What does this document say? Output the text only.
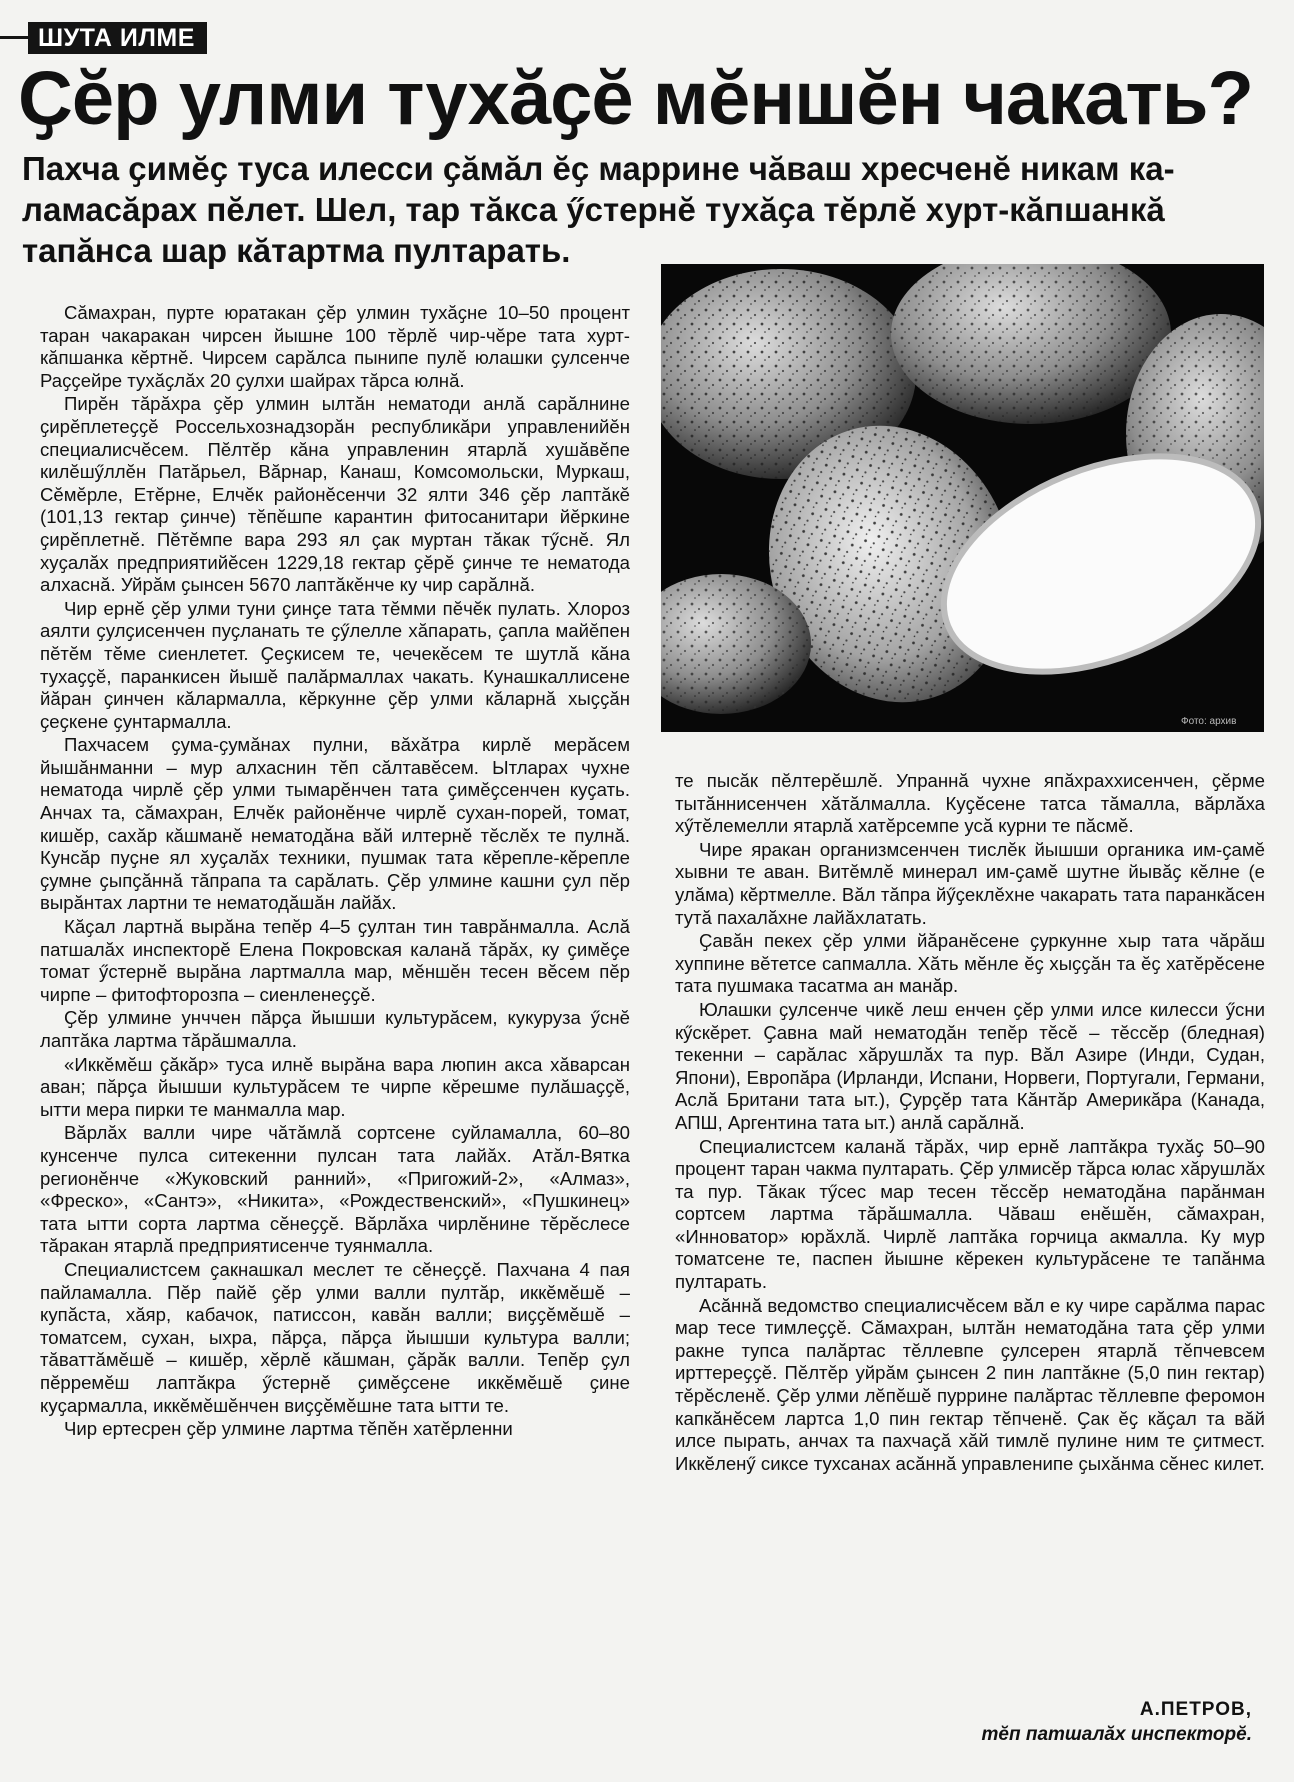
ШУТА ИЛМЕ
Ҫӗр улми тухӑҫӗ мӗншӗн чакать?
Пахча ҫимӗҫ туса илесси ҫӑмӑл ӗҫ маррине чӑваш хресченӗ никам ка-
ламасӑрах пӗлет. Шел, тар тӑкса ӳстернӗ тухӑҫа тӗрлӗ хурт-кӑпшанкӑ
тапӑнса шар кӑтартма пултарать.
Фото: архив

Сӑмахран, пурте юратакан ҫӗр улмин тухӑҫне 10–50 процент таран чакаракан чирсен йышне 100 тӗрлӗ чир-чӗре тата хурт-кӑпшанка кӗртнӗ. Чирсем сарӑлса пынипе пулӗ юлашки ҫулсенче Раҫҫейре тухӑҫлӑх 20 ҫулхи шайрах тӑрса юлнӑ.

Пирӗн тӑрӑхра ҫӗр улмин ылтӑн нематоди анлӑ сарӑлнине ҫирӗплетеҫҫӗ Россельхознадзорӑн республикӑри управленийӗн специалисчӗсем. Пӗлтӗр кӑна управленин ятарлӑ хушӑвӗпе килӗшӳллӗн Патӑрьел, Вӑрнар, Канаш, Комсомольски, Муркаш, Сӗмӗрле, Етӗрне, Елчӗк районӗсенчи 32 ялти 346 ҫӗр лаптӑкӗ (101,13 гектар ҫинче) тӗпӗшпе карантин фитосанитари йӗркине ҫирӗплетнӗ. Пӗтӗмпе вара 293 ял ҫак муртан тӑкак тӳснӗ. Ял хуҫалӑх предприятийӗсен 1229,18 гектар ҫӗрӗ ҫинче те нематода алхаснӑ. Уйрӑм ҫынсен 5670 лаптӑкӗнче ку чир сарӑлнӑ.

Чир ернӗ ҫӗр улми туни ҫинҫе тата тӗмми пӗчӗк пулать. Хлороз аялти ҫулҫисенчен пуҫланать те ҫӳлелле хӑпарать, ҫапла майӗпен пӗтӗм тӗме сиенлетет. Ҫеҫкисем те, чечекӗсем те шутлӑ кӑна тухаҫҫӗ, паранкисен йышӗ палӑрмаллах чакать. Кунашкаллисене йӑран ҫинчен кӑлармалла, кӗркунне ҫӗр улми кӑларнӑ хыҫҫӑн ҫеҫкене ҫунтармалла.

Пахчасем ҫума-ҫумӑнах пулни, вӑхӑтра кирлӗ мерӑсем йышӑнманни – мур алхаснин тӗп сӑлтавӗсем. Ытларах чухне нематода чирлӗ ҫӗр улми тымарӗнчен тата ҫимӗҫсенчен куҫать. Анчах та, сӑмахран, Елчӗк районӗнче чирлӗ сухан-порей, томат, кишӗр, сахӑр кӑшманӗ нематодӑна вӑй илтернӗ тӗслӗх те пулнӑ. Кунсӑр пуҫне ял хуҫалӑх техники, пушмак тата кӗрепле-кӗрепле ҫумне ҫыпҫӑннӑ тӑпрапа та сарӑлать. Ҫӗр улмине кашни ҫул пӗр вырӑнтах лартни те нематодӑшӑн лайӑх.

Кӑҫал лартнӑ вырӑна тепӗр 4–5 ҫултан тин таврӑнмалла. Аслӑ патшалӑх инспекторӗ Елена Покровская каланӑ тӑрӑх, ку ҫимӗҫе томат ӳстернӗ вырӑна лартмалла мар, мӗншӗн тесен вӗсем пӗр чирпе – фитофторозпа – сиенленеҫҫӗ.

Ҫӗр улмине унччен пӑрҫа йышши культурӑсем, кукуруза ӳснӗ лаптӑка лартма тӑрӑшмалла.

«Иккӗмӗш ҫӑкӑр» туса илнӗ вырӑна вара люпин акса хӑварсан аван; пӑрҫа йышши культурӑсем те чирпе кӗрешме пулӑшаҫҫӗ, ытти мера пирки те манмалла мар.

Вӑрлӑх валли чире чӑтӑмлӑ сортсене суйламалла, 60–80 кунсенче пулса ситекенни пулсан тата лайӑх. Атӑл-Вятка регионӗнче «Жуковский ранний», «Пригожий-2», «Алмаз», «Фреско», «Сантэ», «Никита», «Рождественский», «Пушкинец» тата ытти сорта лартма сӗнеҫҫӗ. Вӑрлӑха чирлӗнине тӗрӗслесе тӑракан ятарлӑ предприятисенче туянмалла.

Специалистсем ҫакнашкал меслет те сӗнеҫҫӗ. Пахчана 4 пая пайламалла. Пӗр пайӗ ҫӗр улми валли пултӑр, иккӗмӗшӗ – купӑста, хӑяр, кабачок, патиссон, кавӑн валли; виҫҫӗмӗшӗ – томатсем, сухан, ыхра, пӑрҫа, пӑрҫа йышши культура валли; тӑваттӑмӗшӗ – кишӗр, хӗрлӗ кӑшман, ҫӑрӑк валли. Тепӗр ҫул пӗрремӗш лаптӑкра ӳстернӗ ҫимӗҫсене иккӗмӗшӗ ҫине куҫармалла, иккӗмӗшӗнчен виҫҫӗмӗшне тата ытти те.

Чир ертесрен ҫӗр улмине лартма тӗпӗн хатӗрленни

те пысӑк пӗлтерӗшлӗ. Упраннӑ чухне япӑхраххисенчен, ҫӗрме тытӑннисенчен хӑтӑлмалла. Куҫӗсене татса тӑмалла, вӑрлӑха хӳтӗлемелли ятарлӑ хатӗрсемпе усӑ курни те пӑсмӗ.

Чире яракан организмсенчен тислӗк йышши органика им-ҫамӗ хывни те аван. Витӗмлӗ минерал им-ҫамӗ шутне йывӑҫ кӗлне (е улӑма) кӗртмелле. Вӑл тӑпра йӳҫеклӗхне чакарать тата паранкӑсен тутӑ пахалӑхне лайӑхлатать.

Ҫавӑн пекех ҫӗр улми йӑранӗсене ҫуркунне хыр тата чӑрӑш хуппине вӗтетсе сапмалла. Хӑть мӗнле ӗҫ хыҫҫӑн та ӗҫ хатӗрӗсене тата пушмака тасатма ан манӑр.

Юлашки ҫулсенче чикӗ леш енчен ҫӗр улми илсе килесси ӳсни кӳскӗрет. Ҫавна май нематодӑн тепӗр тӗсӗ – тӗссӗр (бледная) текенни – сарӑлас хӑрушлӑх та пур. Вӑл Азире (Инди, Судан, Япони), Европӑра (Ирланди, Испани, Норвеги, Португали, Германи, Аслӑ Британи тата ыт.), Ҫурҫӗр тата Кӑнтӑр Америкӑра (Канада, АПШ, Аргентина тата ыт.) анлӑ сарӑлнӑ.

Специалистсем каланӑ тӑрӑх, чир ернӗ лаптӑкра тухӑҫ 50–90 процент таран чакма пултарать. Ҫӗр улмисӗр тӑрса юлас хӑрушлӑх та пур. Тӑкак тӳсес мар тесен тӗссӗр нематодӑна парӑнман сортсем лартма тӑрӑшмалла. Чӑваш енӗшӗн, сӑмахран, «Инноватор» юрӑхлӑ. Чирлӗ лаптӑка горчица акмалла. Ку мур томатсене те, паспен йышне кӗрекен культурӑсене те тапӑнма пултарать.

Асӑннӑ ведомство специалисчӗсем вӑл е ку чире сарӑлма парас мар тесе тимлеҫҫӗ. Сӑмахран, ылтӑн нематодӑна тата ҫӗр улми ракне тупса палӑртас тӗллевпе ҫулсерен ятарлӑ тӗпчевсем ирттереҫҫӗ. Пӗлтӗр уйрӑм ҫынсен 2 пин лаптӑкне (5,0 пин гектар) тӗрӗсленӗ. Ҫӗр улми лӗпӗшӗ пуррине палӑртас тӗллевпе феромон капкӑнӗсем лартса 1,0 пин гектар тӗпченӗ. Ҫак ӗҫ кӑҫал та вӑй илсе пырать, анчах та пахчаҫӑ хӑй тимлӗ пулине ним те ҫитмест. Иккӗленӳ сиксе тухсанах асӑннӑ управленипе ҫыхӑнма сӗнес килет.

А.ПЕТРОВ,
тӗп патшалӑх инспекторӗ.
